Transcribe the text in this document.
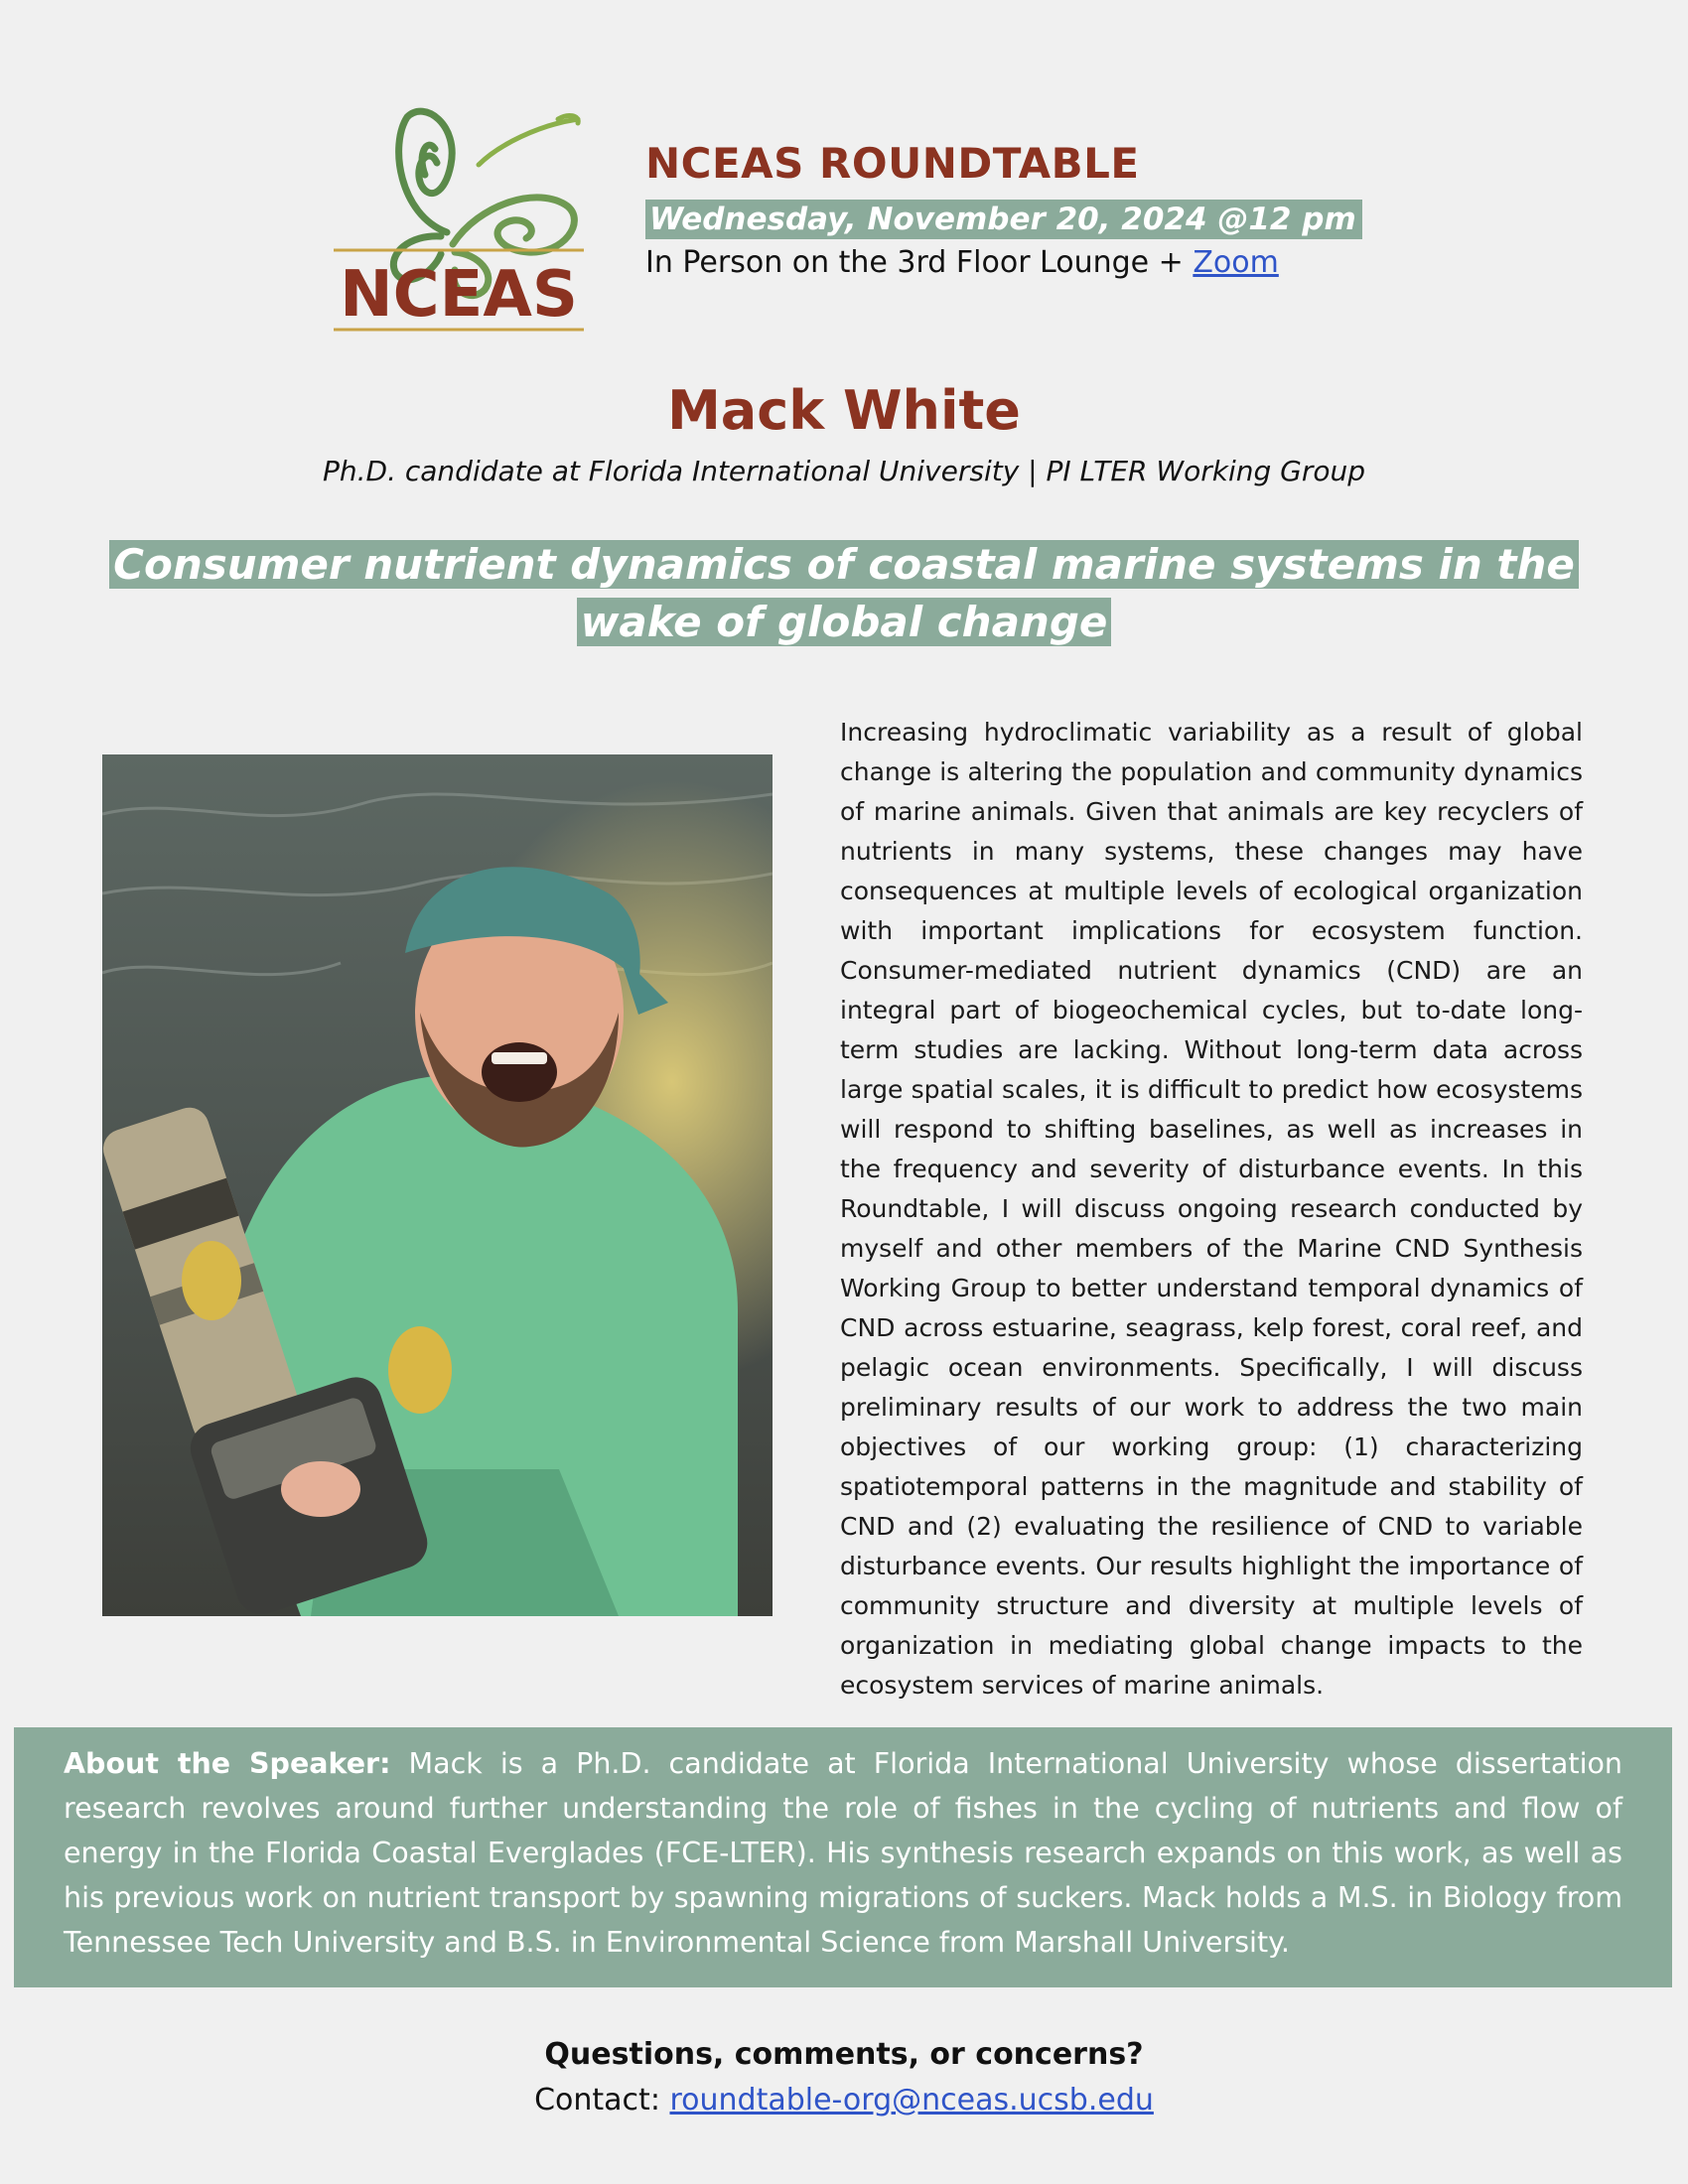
NCEAS
NCEAS ROUNDTABLE
Wednesday, November 20, 2024 @12 pm
In Person on the 3rd Floor Lounge + Zoom
Mack White
Ph.D. candidate at Florida International University | PI LTER Working Group
Consumer nutrient dynamics of coastal marine systems in the wake of global change
Increasing hydroclimatic variability as a result of global change is altering the population and community dynamics of marine animals. Given that animals are key recyclers of nutrients in many systems, these changes may have consequences at multiple levels of ecological organization with important implications for ecosystem function. Consumer-mediated nutrient dynamics (CND) are an integral part of biogeochemical cycles, but to-date long-term studies are lacking. Without long-term data across large spatial scales, it is difficult to predict how ecosystems will respond to shifting baselines, as well as increases in the frequency and severity of disturbance events. In this Roundtable, I will discuss ongoing research conducted by myself and other members of the Marine CND Synthesis Working Group to better understand temporal dynamics of CND across estuarine, seagrass, kelp forest, coral reef, and pelagic ocean environments. Specifically, I will discuss preliminary results of our work to address the two main objectives of our working group: (1) characterizing spatiotemporal patterns in the magnitude and stability of CND and (2) evaluating the resilience of CND to variable disturbance events. Our results highlight the importance of community structure and diversity at multiple levels of organization in mediating global change impacts to the ecosystem services of marine animals.
About the Speaker: Mack is a Ph.D. candidate at Florida International University whose dissertation research revolves around further understanding the role of fishes in the cycling of nutrients and flow of energy in the Florida Coastal Everglades (FCE-LTER). His synthesis research expands on this work, as well as his previous work on nutrient transport by spawning migrations of suckers. Mack holds a M.S. in Biology from Tennessee Tech University and B.S. in Environmental Science from Marshall University.
Questions, comments, or concerns?
Contact: roundtable-org@nceas.ucsb.edu
